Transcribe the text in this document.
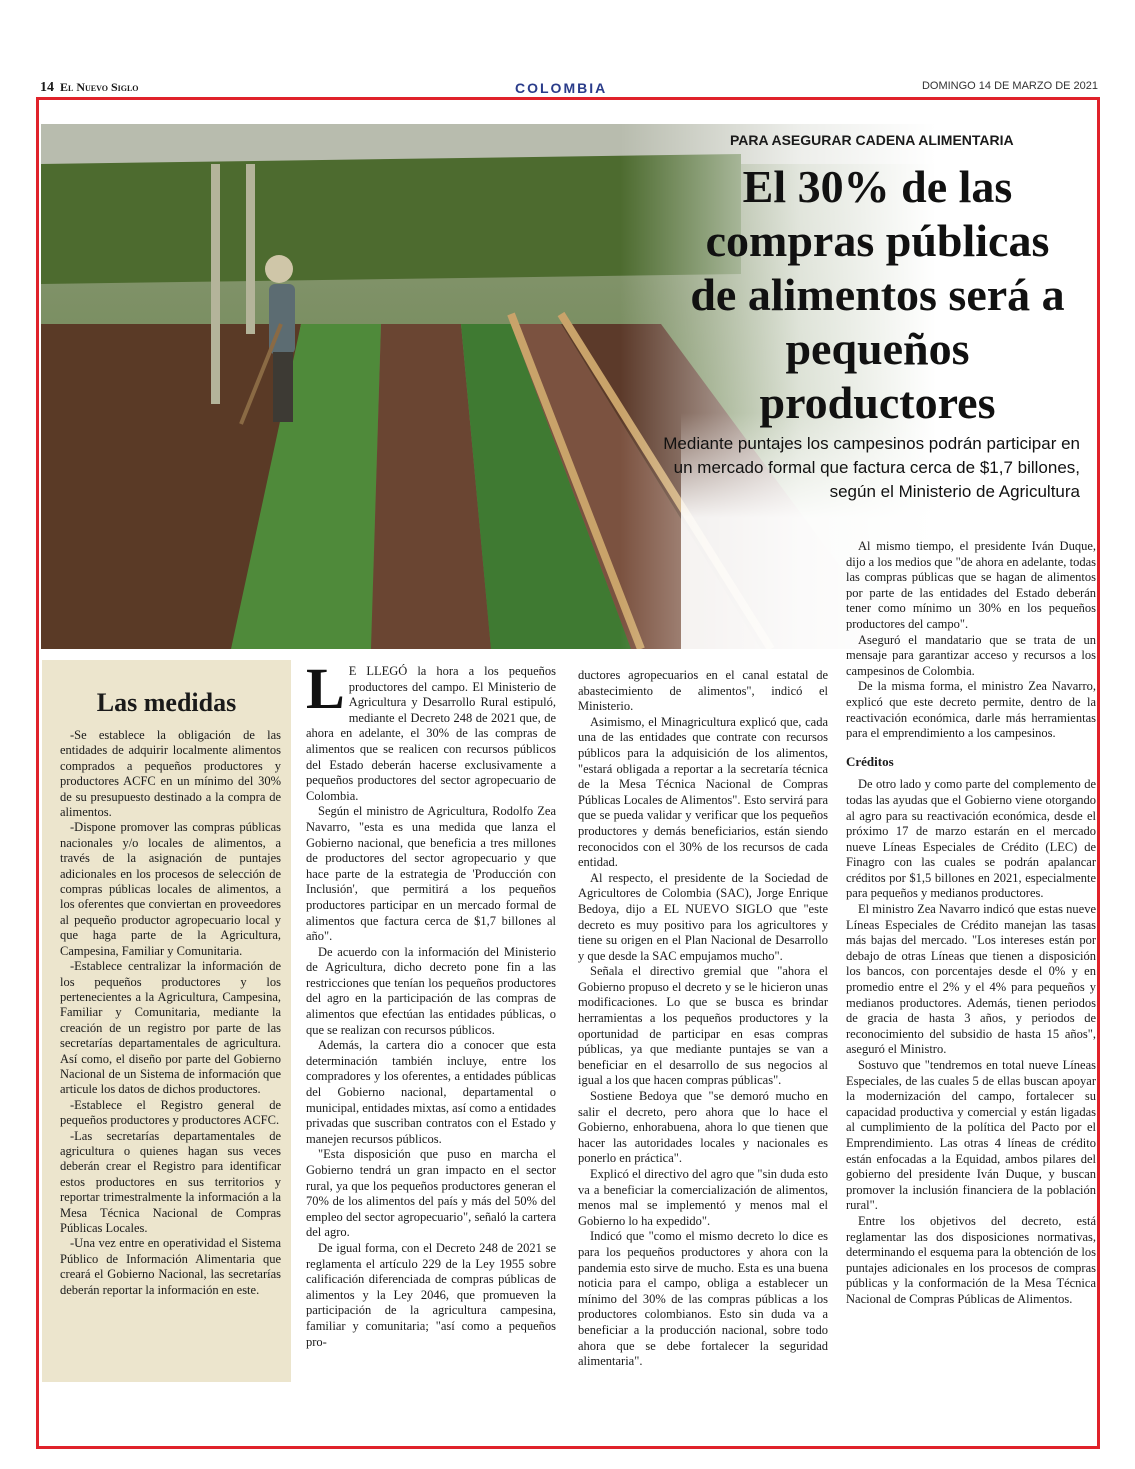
14 El Nuevo Siglo	COLOMBIA	DOMINGO 14 DE MARZO DE 2021
PARA ASEGURAR CADENA ALIMENTARIA
El 30% de las compras públicas de alimentos será a pequeños productores
Mediante puntajes los campesinos podrán participar en un mercado formal que factura cerca de $1,7 billones, según el Ministerio de Agricultura
Las medidas

-Se establece la obligación de las entidades de adquirir localmente alimentos comprados a pequeños productores y productores ACFC en un mínimo del 30% de su presupuesto destinado a la compra de alimentos.

-Dispone promover las compras públicas nacionales y/o locales de alimentos, a través de la asignación de puntajes adicionales en los procesos de selección de compras públicas locales de alimentos, a los oferentes que conviertan en proveedores al pequeño productor agropecuario local y que haga parte de la Agricultura, Campesina, Familiar y Comunitaria.

-Establece centralizar la información de los pequeños productores y los pertenecientes a la Agricultura, Campesina, Familiar y Comunitaria, mediante la creación de un registro por parte de las secretarías departamentales de agricultura. Así como, el diseño por parte del Gobierno Nacional de un Sistema de información que articule los datos de dichos productores.

-Establece el Registro general de pequeños productores y productores ACFC.

-Las secretarías departamentales de agricultura o quienes hagan sus veces deberán crear el Registro para identificar estos productores en sus territorios y reportar trimestralmente la información a la Mesa Técnica Nacional de Compras Públicas Locales.

-Una vez entre en operatividad el Sistema Público de Información Alimentaria que creará el Gobierno Nacional, las secretarías deberán reportar la información en este.

L E LLEGÓ la hora a los pequeños productores del campo. El Ministerio de Agricultura y Desarrollo Rural estipuló, mediante el Decreto 248 de 2021 que, de ahora en adelante, el 30% de las compras de alimentos que se realicen con recursos públicos del Estado deberán hacerse exclusivamente a pequeños productores del sector agropecuario de Colombia.

Según el ministro de Agricultura, Rodolfo Zea Navarro, "esta es una medida que lanza el Gobierno nacional, que beneficia a tres millones de productores del sector agropecuario y que hace parte de la estrategia de 'Producción con Inclusión', que permitirá a los pequeños productores participar en un mercado formal de alimentos que factura cerca de $1,7 billones al año".

De acuerdo con la información del Ministerio de Agricultura, dicho decreto pone fin a las restricciones que tenían los pequeños productores del agro en la participación de las compras de alimentos que efectúan las entidades públicas, o que se realizan con recursos públicos.

Además, la cartera dio a conocer que esta determinación también incluye, entre los compradores y los oferentes, a entidades públicas del Gobierno nacional, departamental o municipal, entidades mixtas, así como a entidades privadas que suscriban contratos con el Estado y manejen recursos públicos.

"Esta disposición que puso en marcha el Gobierno tendrá un gran impacto en el sector rural, ya que los pequeños productores generan el 70% de los alimentos del país y más del 50% del empleo del sector agropecuario", señaló la cartera del agro.

De igual forma, con el Decreto 248 de 2021 se reglamenta el artículo 229 de la Ley 1955 sobre calificación diferenciada de compras públicas de alimentos y la Ley 2046, que promueven la participación de la agricultura campesina, familiar y comunitaria; "así como a pequeños pro-

ductores agropecuarios en el canal estatal de abastecimiento de alimentos", indicó el Ministerio.

Asimismo, el Minagricultura explicó que, cada una de las entidades que contrate con recursos públicos para la adquisición de los alimentos, "estará obligada a reportar a la secretaría técnica de la Mesa Técnica Nacional de Compras Públicas Locales de Alimentos". Esto servirá para que se pueda validar y verificar que los pequeños productores y demás beneficiarios, están siendo reconocidos con el 30% de los recursos de cada entidad.

Al respecto, el presidente de la Sociedad de Agricultores de Colombia (SAC), Jorge Enrique Bedoya, dijo a EL NUEVO SIGLO que "este decreto es muy positivo para los agricultores y tiene su origen en el Plan Nacional de Desarrollo y que desde la SAC empujamos mucho".

Señala el directivo gremial que "ahora el Gobierno propuso el decreto y se le hicieron unas modificaciones. Lo que se busca es brindar herramientas a los pequeños productores y la oportunidad de participar en esas compras públicas, ya que mediante puntajes se van a beneficiar en el desarrollo de sus negocios al igual a los que hacen compras públicas".

Sostiene Bedoya que "se demoró mucho en salir el decreto, pero ahora que lo hace el Gobierno, enhorabuena, ahora lo que tienen que hacer las autoridades locales y nacionales es ponerlo en práctica".

Explicó el directivo del agro que "sin duda esto va a beneficiar la comercialización de alimentos, menos mal se implementó y menos mal el Gobierno lo ha expedido".

Indicó que "como el mismo decreto lo dice es para los pequeños productores y ahora con la pandemia esto sirve de mucho. Esta es una buena noticia para el campo, obliga a establecer un mínimo del 30% de las compras públicas a los productores colombianos. Esto sin duda va a beneficiar a la producción nacional, sobre todo ahora que se debe fortalecer la seguridad alimentaria".

Al mismo tiempo, el presidente Iván Duque, dijo a los medios que "de ahora en adelante, todas las compras públicas que se hagan de alimentos por parte de las entidades del Estado deberán tener como mínimo un 30% en los pequeños productores del campo".

Aseguró el mandatario que se trata de un mensaje para garantizar acceso y recursos a los campesinos de Colombia.

De la misma forma, el ministro Zea Navarro, explicó que este decreto permite, dentro de la reactivación económica, darle más herramientas para el emprendimiento a los campesinos.

Créditos

De otro lado y como parte del complemento de todas las ayudas que el Gobierno viene otorgando al agro para su reactivación económica, desde el próximo 17 de marzo estarán en el mercado nueve Líneas Especiales de Crédito (LEC) de Finagro con las cuales se podrán apalancar créditos por $1,5 billones en 2021, especialmente para pequeños y medianos productores.

El ministro Zea Navarro indicó que estas nueve Líneas Especiales de Crédito manejan las tasas más bajas del mercado. "Los intereses están por debajo de otras Líneas que tienen a disposición los bancos, con porcentajes desde el 0% y en promedio entre el 2% y el 4% para pequeños y medianos productores. Además, tienen periodos de gracia de hasta 3 años, y periodos de reconocimiento del subsidio de hasta 15 años", aseguró el Ministro.

Sostuvo que "tendremos en total nueve Líneas Especiales, de las cuales 5 de ellas buscan apoyar la modernización del campo, fortalecer su capacidad productiva y comercial y están ligadas al cumplimiento de la política del Pacto por el Emprendimiento. Las otras 4 líneas de crédito están enfocadas a la Equidad, ambos pilares del gobierno del presidente Iván Duque, y buscan promover la inclusión financiera de la población rural".

Entre los objetivos del decreto, está reglamentar las dos disposiciones normativas, determinando el esquema para la obtención de los puntajes adicionales en los procesos de compras públicas y la conformación de la Mesa Técnica Nacional de Compras Públicas de Alimentos.
